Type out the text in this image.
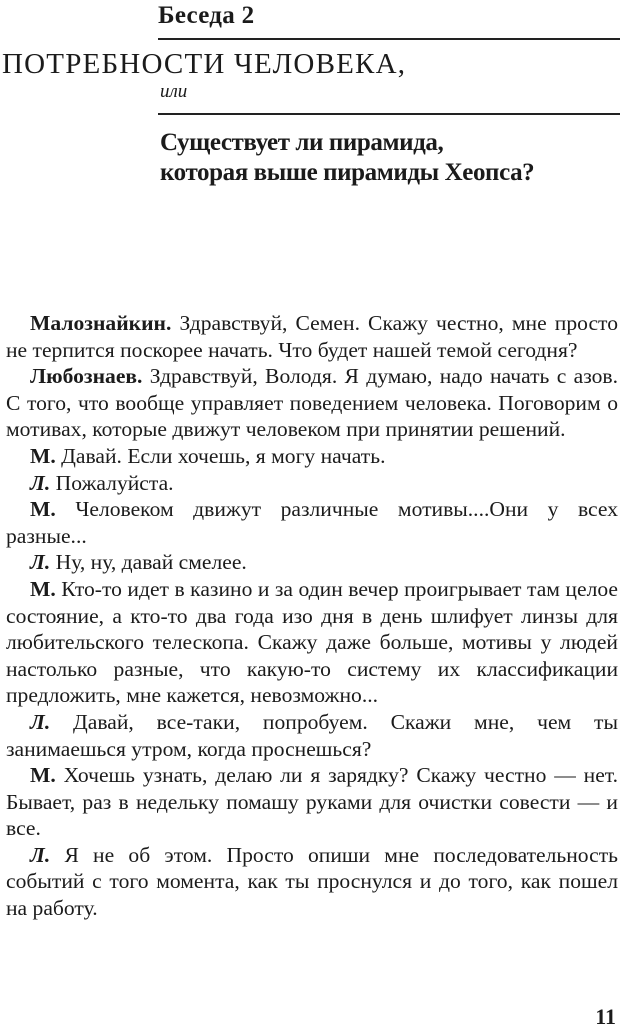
Беседа 2
ПОТРЕБНОСТИ ЧЕЛОВЕКА,
или
Существует ли пирамида,
которая выше пирамиды Хеопса?

Малознайкин. Здравствуй, Семен. Скажу честно, мне просто не терпится поскорее начать. Что будет нашей темой сегодня?

Любознаев. Здравствуй, Володя. Я думаю, надо начать с азов. С того, что вообще управляет поведением человека. Поговорим о мотивах, которые движут человеком при принятии решений.

М. Давай. Если хочешь, я могу начать.

Л. Пожалуйста.

М. Человеком движут различные мотивы....Они у всех разные...

Л. Ну, ну, давай смелее.

М. Кто-то идет в казино и за один вечер проигрывает там целое состояние, а кто-то два года изо дня в день шлифует линзы для любительского телескопа. Скажу даже больше, мотивы у людей настолько разные, что какую-то систему их классификации предложить, мне кажется, невозможно...

Л. Давай, все-таки, попробуем. Скажи мне, чем ты занимаешься утром, когда проснешься?

М. Хочешь узнать, делаю ли я зарядку? Скажу честно — нет. Бывает, раз в недельку помашу руками для очистки совести — и все.

Л. Я не об этом. Просто опиши мне последовательность событий с того момента, как ты проснулся и до того, как пошел на работу.

11
